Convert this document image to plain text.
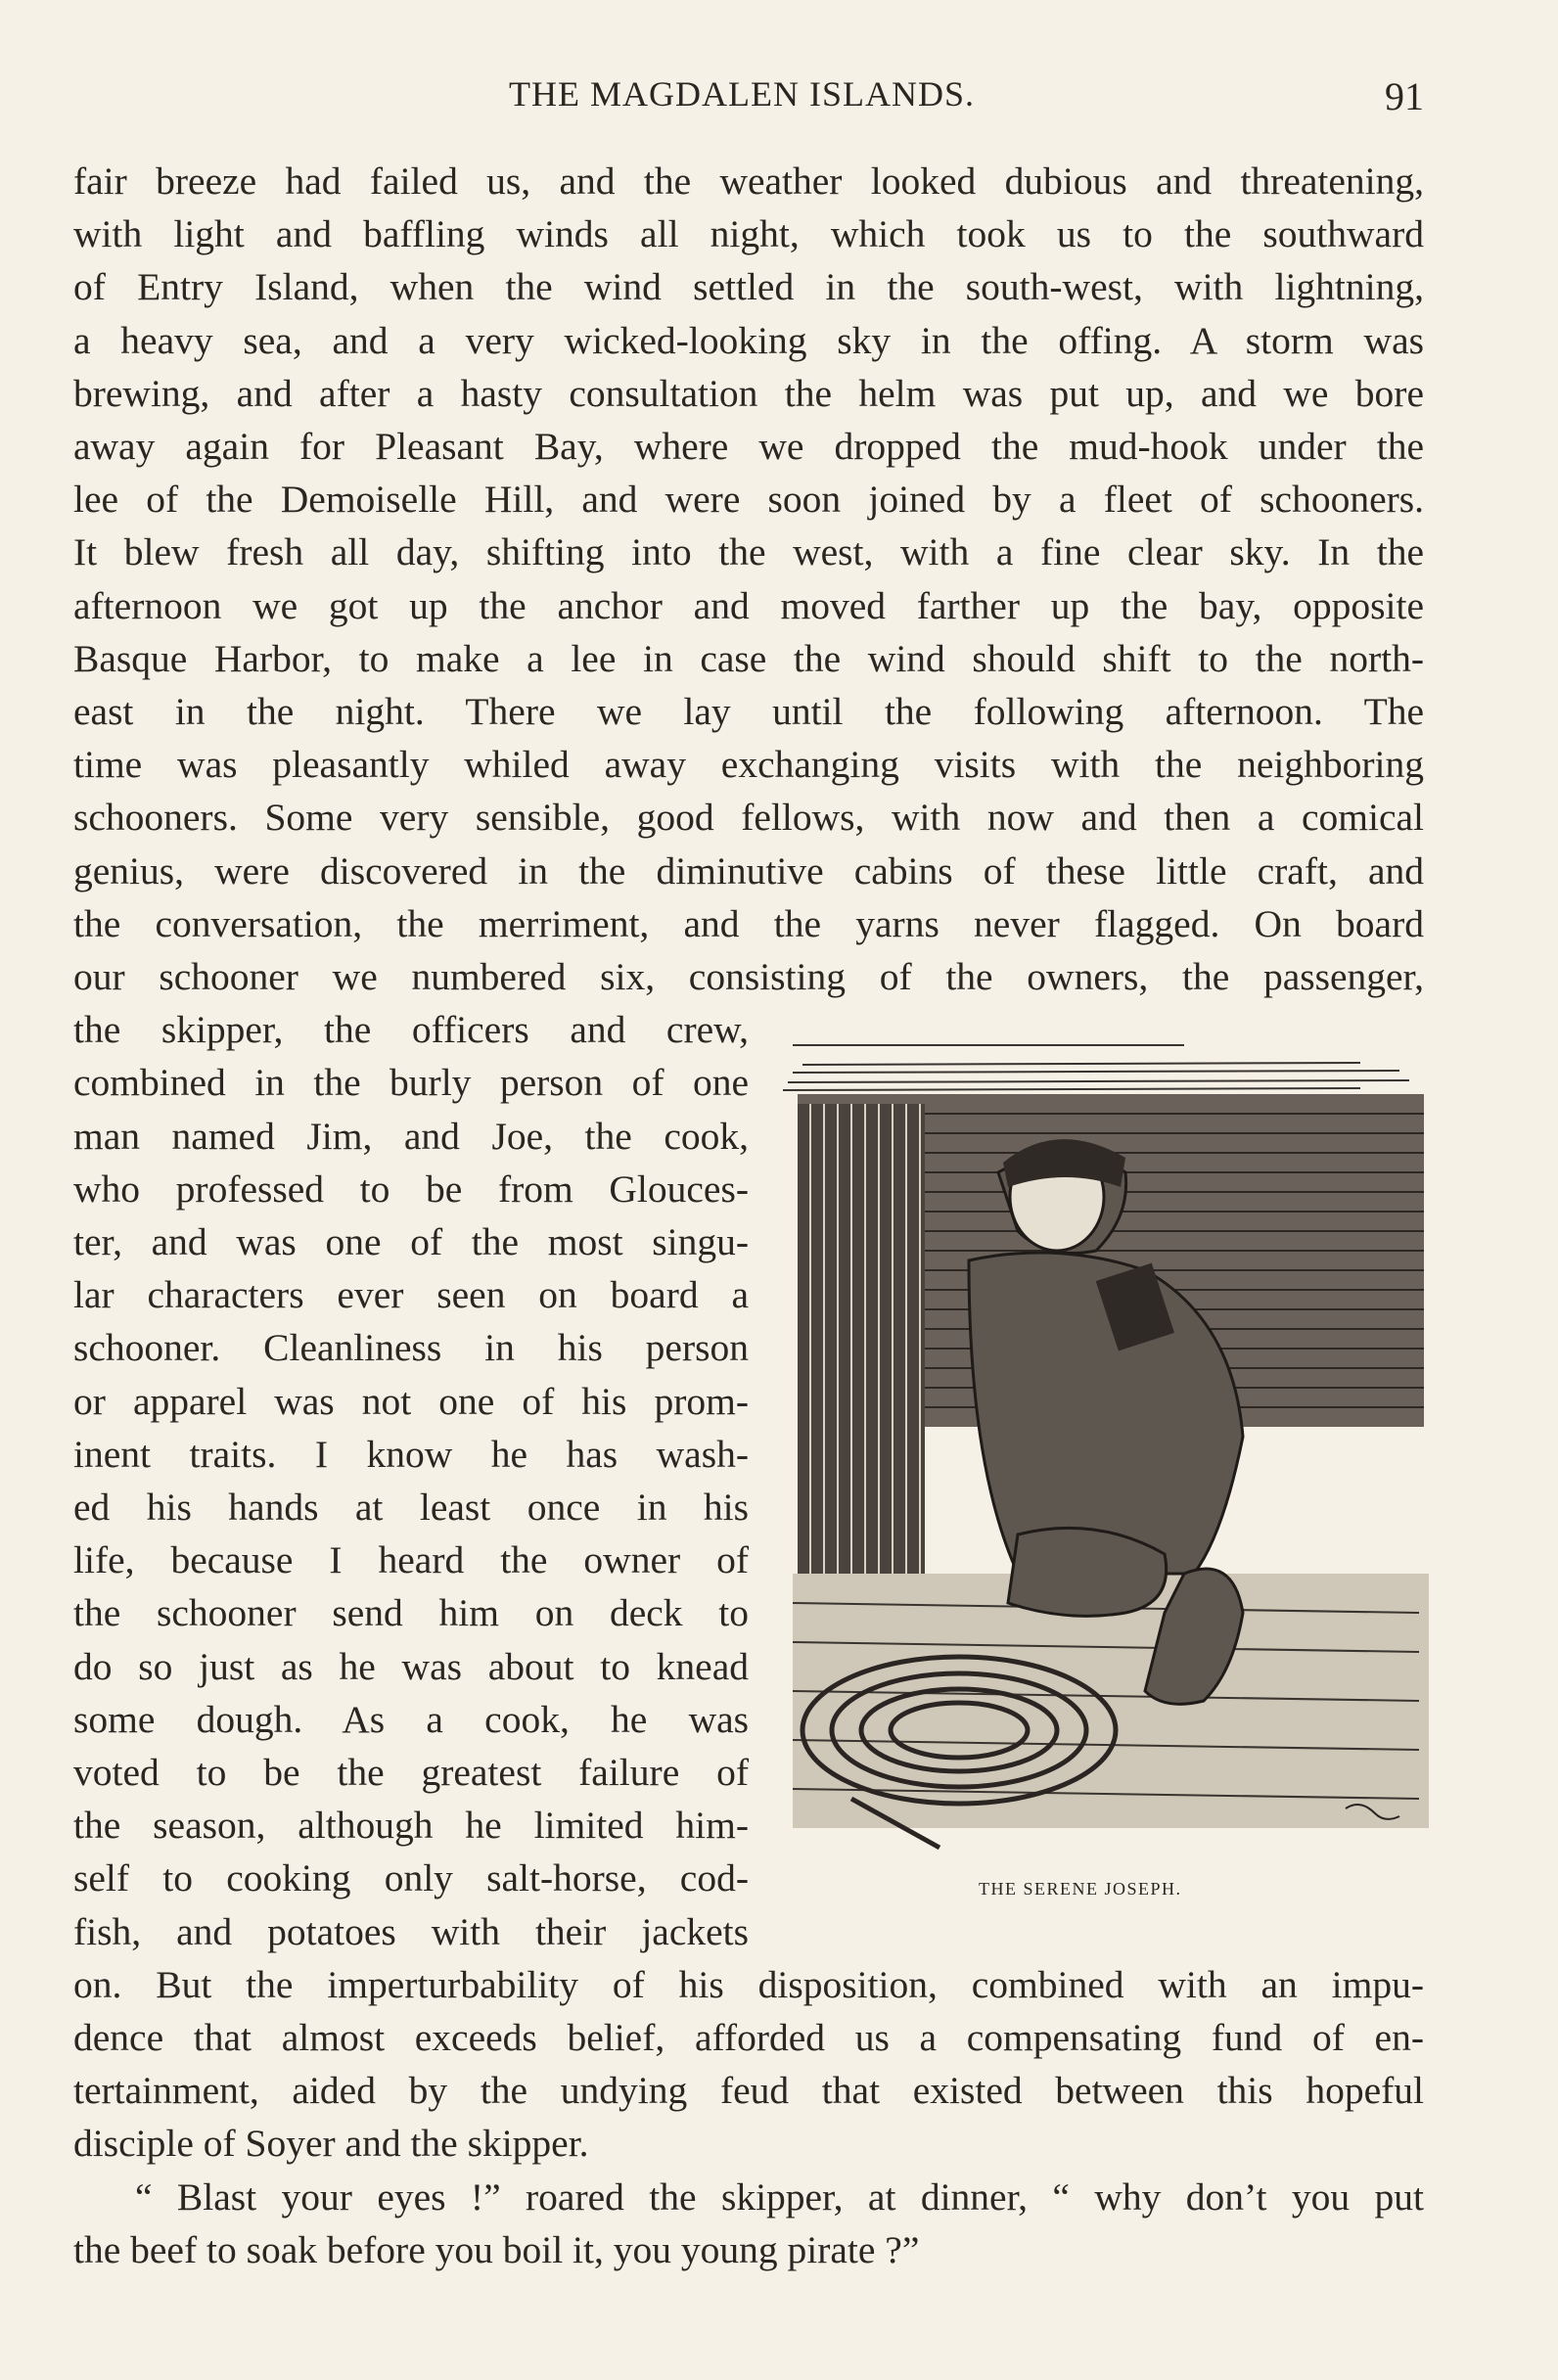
THE MAGDALEN ISLANDS.	91
fair breeze had failed us, and the weather looked dubious and threatening,
with light and baffling winds all night, which took us to the southward
of Entry Island, when the wind settled in the south-west, with lightning,
a heavy sea, and a very wicked-looking sky in the offing. A storm was
brewing, and after a hasty consultation the helm was put up, and we bore
away again for Pleasant Bay, where we dropped the mud-hook under the
lee of the Demoiselle Hill, and were soon joined by a fleet of schooners.
It blew fresh all day, shifting into the west, with a fine clear sky. In the
afternoon we got up the anchor and moved farther up the bay, opposite
Basque Harbor, to make a lee in case the wind should shift to the north-
east in the night. There we lay until the following afternoon. The
time was pleasantly whiled away exchanging visits with the neighboring
schooners. Some very sensible, good fellows, with now and then a comical
genius, were discovered in the diminutive cabins of these little craft, and
the conversation, the merriment, and the yarns never flagged. On board
our schooner we numbered six, consisting of the owners, the passenger,
the skipper, the officers and crew,
combined in the burly person of one
man named Jim, and Joe, the cook,
who professed to be from Glouces-
ter, and was one of the most singu-
lar characters ever seen on board a
schooner. Cleanliness in his person
or apparel was not one of his prom-
inent traits. I know he has wash-
ed his hands at least once in his
life, because I heard the owner of
the schooner send him on deck to
do so just as he was about to knead
some dough. As a cook, he was
voted to be the greatest failure of
the season, although he limited him-
self to cooking only salt-horse, cod-
fish, and potatoes with their jackets
on. But the imperturbability of his disposition, combined with an impu-
dence that almost exceeds belief, afforded us a compensating fund of en-
tertainment, aided by the undying feud that existed between this hopeful
disciple of Soyer and the skipper.
“ Blast your eyes !” roared the skipper, at dinner, “ why don’t you put
the beef to soak before you boil it, you young pirate ?”
THE SERENE JOSEPH.
